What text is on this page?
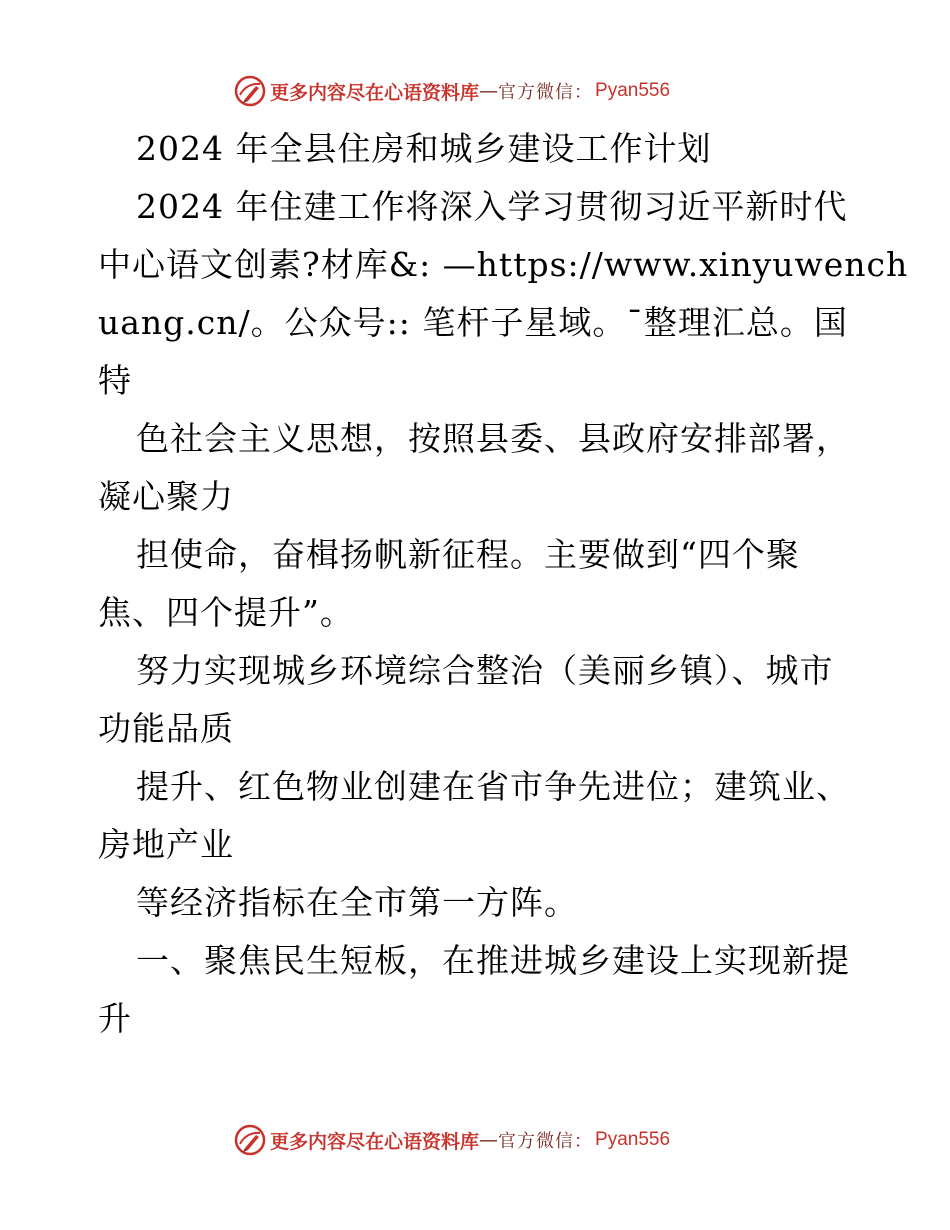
更多内容尽在心语资料库 — 官方微信： Pyan556
2024 年全县住房和城乡建设工作计划
2024 年住建工作将深入学习贯彻习近平新时代
中心语文创素?材库&: —https://www.xinyuwench
uang.cn/。公众号:: 笔杆子星域。¯整理汇总。国
特
色社会主义思想，按照县委、县政府安排部署，
凝心聚力
担使命，奋楫扬帆新征程。主要做到“四个聚
焦、四个提升”。
努力实现城乡环境综合整治（美丽乡镇）、城市
功能品质
提升、红色物业创建在省市争先进位；建筑业、
房地产业
等经济指标在全市第一方阵。
一、聚焦民生短板，在推进城乡建设上实现新提
升
更多内容尽在心语资料库 — 官方微信： Pyan556
